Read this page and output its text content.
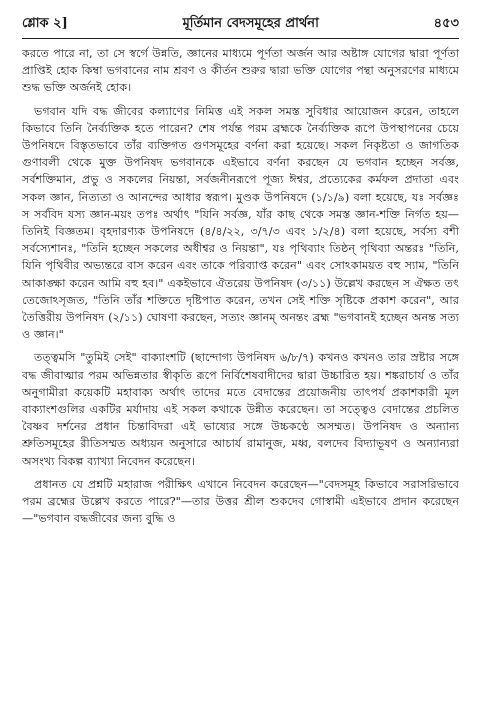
শ্লোক ২]	মূর্তিমান বেদসমূহের প্রার্থনা	৪৫৩

করতে পারে না, তা সে স্বর্গে উন্নতি, জ্ঞানের মাধ্যমে পূর্ণতা অর্জন আর অষ্টাঙ্গ যোগের দ্বারা পূর্ণতা প্রাপ্তিই হোক কিম্বা ভগবানের নাম শ্রবণ ও কীর্তন শুরুর দ্বারা ভক্তি যোগের পন্থা অনুসরণের মাধ্যমে শুদ্ধ ভক্তি অর্জনই হোক।

ভগবান যদি বদ্ধ জীবের কল্যাণের নিমিত্ত এই সকল সমস্ত সুবিধার আয়োজন করেন, তাহলে কিভাবে তিনি নৈর্ব্যক্তিক হতে পারেন? শেষ পর্যন্ত পরম ব্রহ্মকে নৈর্ব্যক্তিক রূপে উপস্থাপনের চেয়ে উপনিষদে বিস্তৃতভাবে তাঁর ব্যক্তিগত গুণসমূহের বর্ণনা করা হয়েছে। সকল নিকৃষ্টতা ও জাগতিক গুণাবলী থেকে মুক্ত উপনিষদ ভগবানকে এইভাবে বর্ণনা করছেন যে ভগবান হচ্ছেন সর্বজ্ঞ, সর্বশক্তিমান, প্রভু ও সকলের নিয়ন্তা, সর্বজনীনরূপে পূজ্য ঈশ্বর, প্রত্যেকের কর্মফল প্রদাতা এবং সকল জ্ঞান, নিত্যতা ও আনন্দের আধার স্বরূপ। মুণ্ডক উপনিষদে (১/১/৯) বলা হয়েছে, যঃ সর্বজ্ঞঃ স সর্ববিদ যস্য জ্ঞান-ময়ং তপঃ অর্থাৎ "যিনি সর্বজ্ঞ, যাঁর কাছ থেকে সমস্ত জ্ঞান-শক্তি নির্গত হয়—তিনিই বিজ্ঞতম। বৃহদারণ্যক উপনিষদে (৪/৪/২২, ৩/৭/৩ এবং ১/২/৪) বলা হয়েছে, সর্বস্য বশী সর্বস্যেশানঃ, "তিনি হচ্ছেন সকলের অধীশ্বর ও নিয়ন্তা", যঃ পৃথিব্যাং তিষ্ঠন্ পৃথিব্যা অন্তরঃ "তিনি, যিনি পৃথিবীর অভ্যন্তরে বাস করেন এবং তাকে পরিব্যাপ্ত করেন" এবং সোঽকাময়ত বহু স্যাম, "তিনি আকাঙ্ক্ষা করেন আমি বহু হব।" একইভাবে ঐতরেয় উপনিষদ (৩/১১) উল্লেখ করছেন স ঐক্ষত তৎ তেজোঽসৃজত, "তিনি তাঁর শক্তিতে দৃষ্টিপাত করেন, তখন সেই শক্তি সৃষ্টিকে প্রকাশ করেন", আর তৈত্তিরীয় উপনিষদ (২/১১) ঘোষণা করছেন, সত্যং জ্ঞানম্ অনন্তং ব্রহ্ম "ভগবানই হচ্ছেন অনন্ত সত্য ও জ্ঞান।"

তত্ত্বমসি "তুমিই সেই" বাক্যাংশটি (ছান্দোগ্য উপনিষদ ৬/৮/৭) কখনও কখনও তার স্রষ্টার সঙ্গে বদ্ধ জীবাত্মার পরম অভিন্নতার স্বীকৃতি রূপে নির্বিশেষবাদীদের দ্বারা উচ্চারিত হয়। শঙ্করাচার্য ও তাঁর অনুগামীরা কয়েকটি মহাবাক্য অর্থাৎ তাদের মতে বেদান্তের প্রয়োজনীয় তাৎপর্য প্রকাশকারী মূল বাক্যাংশগুলির একটির মর্যাদায় এই সকল কথাকে উন্নীত করেছেন। তা সত্ত্বেও বেদান্তের প্রচলিত বৈষ্ণব দর্শনের প্রধান চিন্তাবিদরা এই ভাষ্যের সঙ্গে উচ্চকণ্ঠে অসম্মত। উপনিষদ ও অন্যান্য শ্রুতিসমূহের রীতিসম্মত অধ্যয়ন অনুসারে আচার্য রামানুজ, মধ্ব, বলদেব বিদ্যাভূষণ ও অন্যান্যরা অসংখ্য বিকল্প ব্যাখ্যা নিবেদন করেছেন।

প্রধানত যে প্রশ্নটি মহারাজ পরীক্ষিৎ এখানে নিবেদন করেছেন—"বেদসমূহ কিভাবে সরাসরিভাবে পরম ব্রহ্মের উল্লেখ করতে পারে?"—তার উত্তর শ্রীল শুকদেব গোস্বামী এইভাবে প্রদান করেছেন—"ভগবান বদ্ধজীবের জন্য বুদ্ধি ও
